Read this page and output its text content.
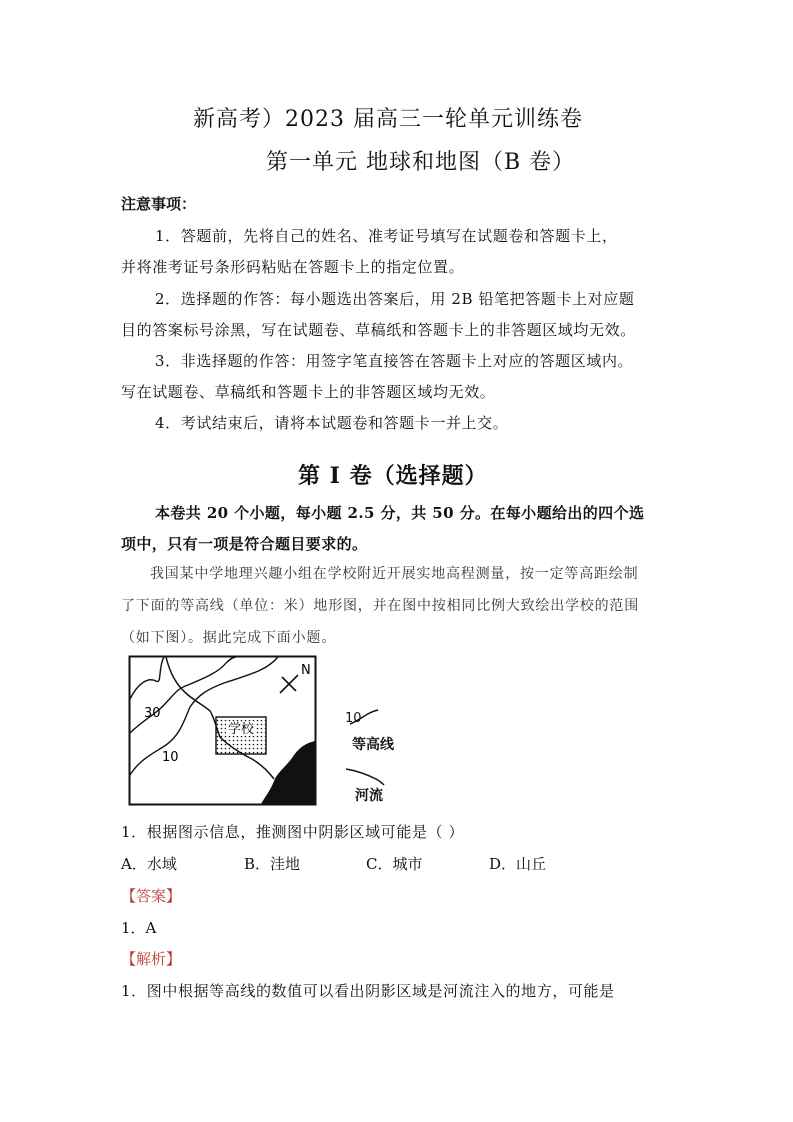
新高考）2023 届高三一轮单元训练卷
第一单元 地球和地图（B 卷）
注意事项：
1．答题前，先将自己的姓名、准考证号填写在试题卷和答题卡上，
并将准考证号条形码粘贴在答题卡上的指定位置。
2．选择题的作答：每小题选出答案后，用 2B 铅笔把答题卡上对应题
目的答案标号涂黑，写在试题卷、草稿纸和答题卡上的非答题区域均无效。
3．非选择题的作答：用签字笔直接答在答题卡上对应的答题区域内。
写在试题卷、草稿纸和答题卡上的非答题区域均无效。
4．考试结束后，请将本试题卷和答题卡一并上交。
第 I 卷（选择题）
本卷共 20 个小题，每小题 2.5 分，共 50 分。在每小题给出的四个选
项中，只有一项是符合题目要求的。
我国某中学地理兴趣小组在学校附近开展实地高程测量，按一定等高距绘制
了下面的等高线（单位：米）地形图，并在图中按相同比例大致绘出学校的范围
（如下图）。据此完成下面小题。
学校
N
30
10
10
等高线
河流
1．根据图示信息，推测图中阴影区域可能是（ ）
A．水域	B．洼地	C．城市	D．山丘
【答案】
1．A
【解析】
1．图中根据等高线的数值可以看出阴影区域是河流注入的地方，可能是
